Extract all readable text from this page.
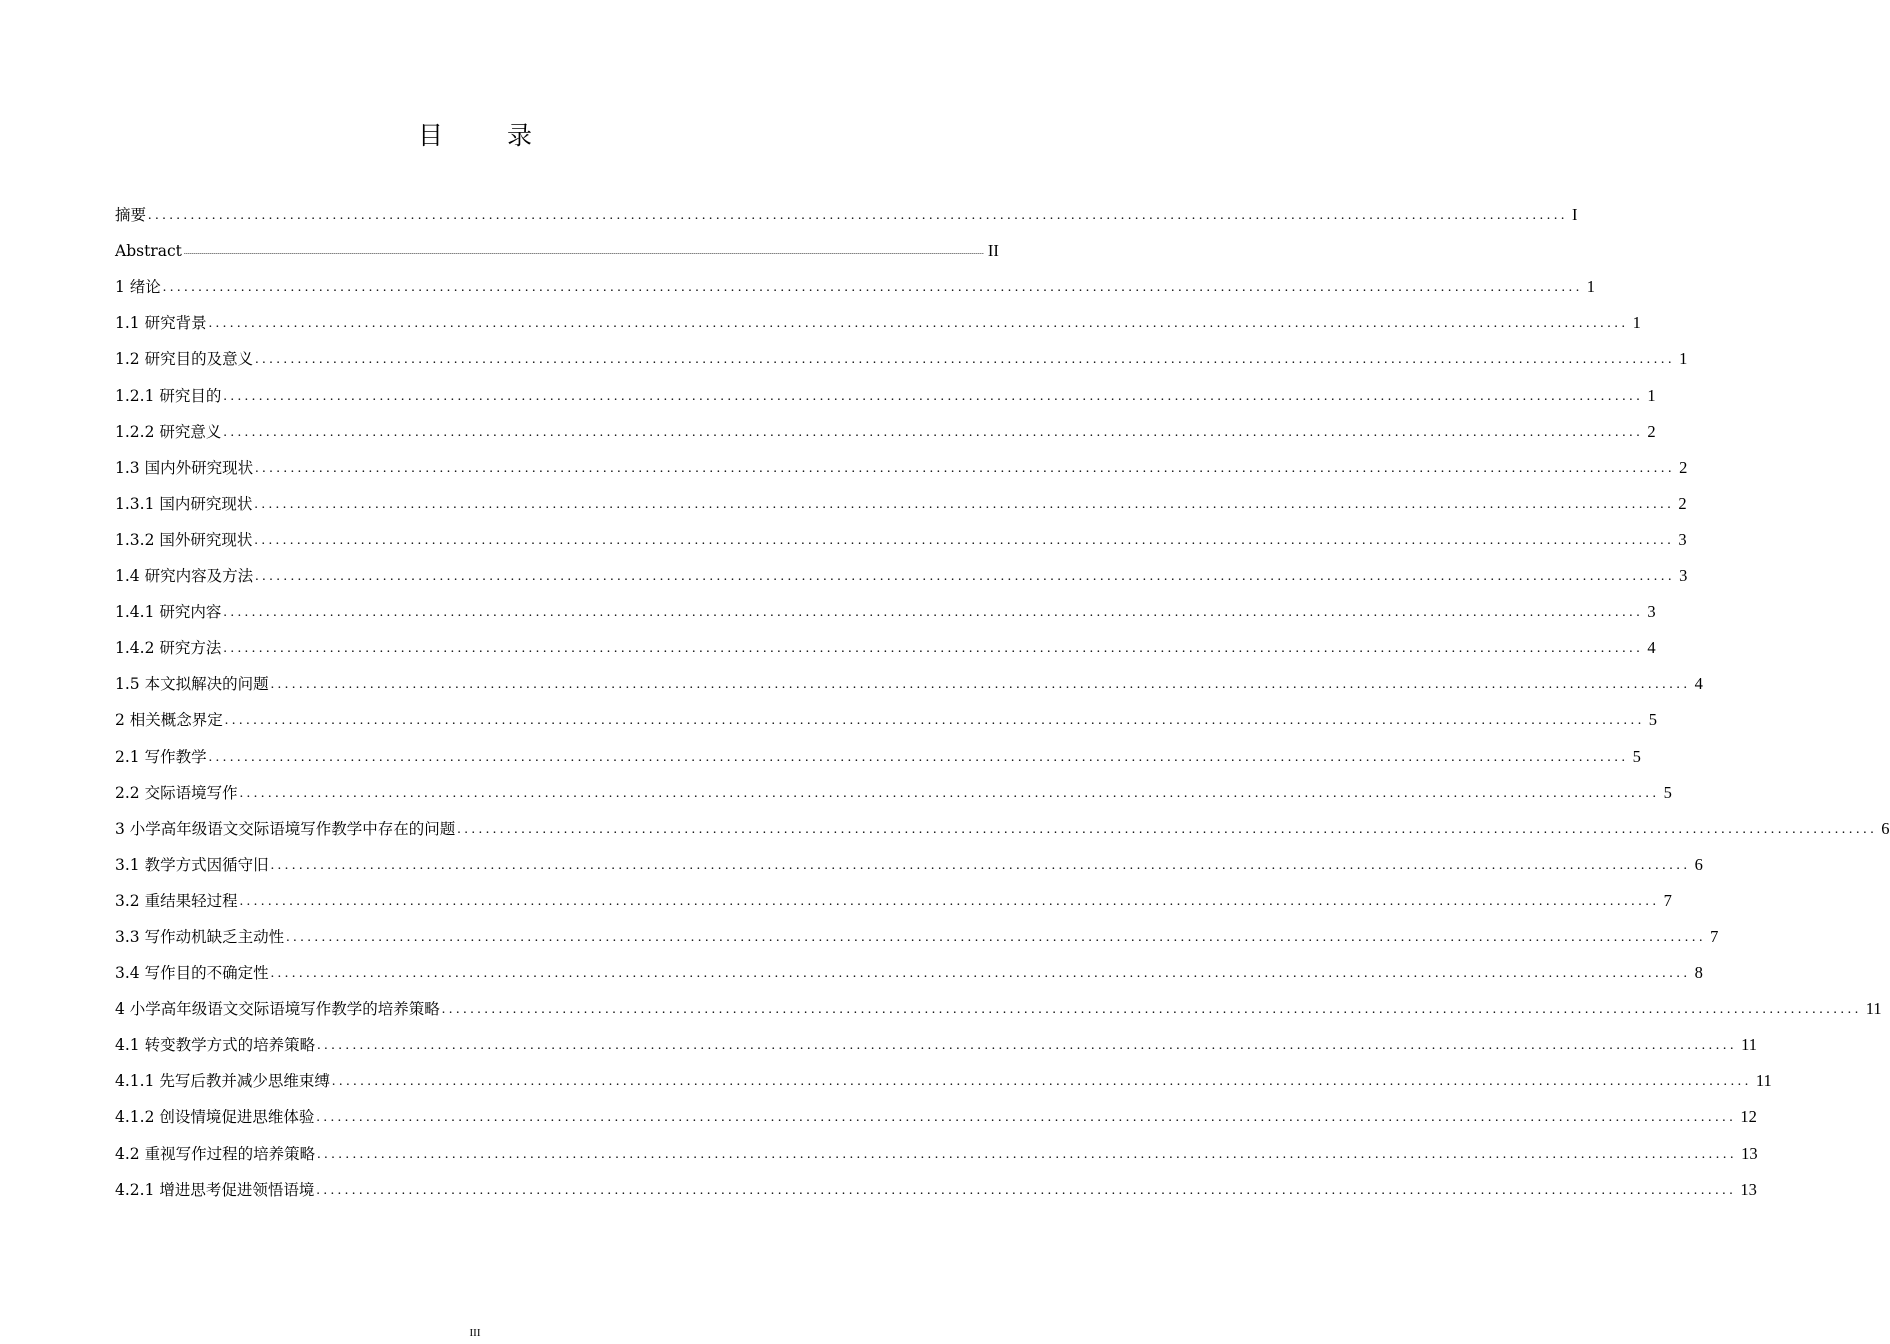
目 录
摘要 ........................................................................................................................................................................................................ I
Abstract ................................................................................................................................................................................................................................................................................................................................................................................................................ II
1 绪论 ........................................................................................................................................................................................................ 1
1.1 研究背景 ........................................................................................................................................................................................................ 1
1.2 研究目的及意义 ........................................................................................................................................................................................................ 1
1.2.1 研究目的 ........................................................................................................................................................................................................ 1
1.2.2 研究意义 ........................................................................................................................................................................................................ 2
1.3 国内外研究现状 ........................................................................................................................................................................................................ 2
1.3.1 国内研究现状 ........................................................................................................................................................................................................ 2
1.3.2 国外研究现状 ........................................................................................................................................................................................................ 3
1.4 研究内容及方法 ........................................................................................................................................................................................................ 3
1.4.1 研究内容 ........................................................................................................................................................................................................ 3
1.4.2 研究方法 ........................................................................................................................................................................................................ 4
1.5 本文拟解决的问题 ........................................................................................................................................................................................................ 4
2 相关概念界定 ........................................................................................................................................................................................................ 5
2.1 写作教学 ........................................................................................................................................................................................................ 5
2.2 交际语境写作 ........................................................................................................................................................................................................ 5
3 小学高年级语文交际语境写作教学中存在的问题 ........................................................................................................................................................................................................ 6
3.1 教学方式因循守旧 ........................................................................................................................................................................................................ 6
3.2 重结果轻过程 ........................................................................................................................................................................................................ 7
3.3 写作动机缺乏主动性 ........................................................................................................................................................................................................ 7
3.4 写作目的不确定性 ........................................................................................................................................................................................................ 8
4 小学高年级语文交际语境写作教学的培养策略 ........................................................................................................................................................................................................ 11
4.1 转变教学方式的培养策略 ........................................................................................................................................................................................................ 11
4.1.1 先写后教并减少思维束缚 ........................................................................................................................................................................................................ 11
4.1.2 创设情境促进思维体验 ........................................................................................................................................................................................................ 12
4.2 重视写作过程的培养策略 ........................................................................................................................................................................................................ 13
4.2.1 增进思考促进领悟语境 ........................................................................................................................................................................................................ 13
III
